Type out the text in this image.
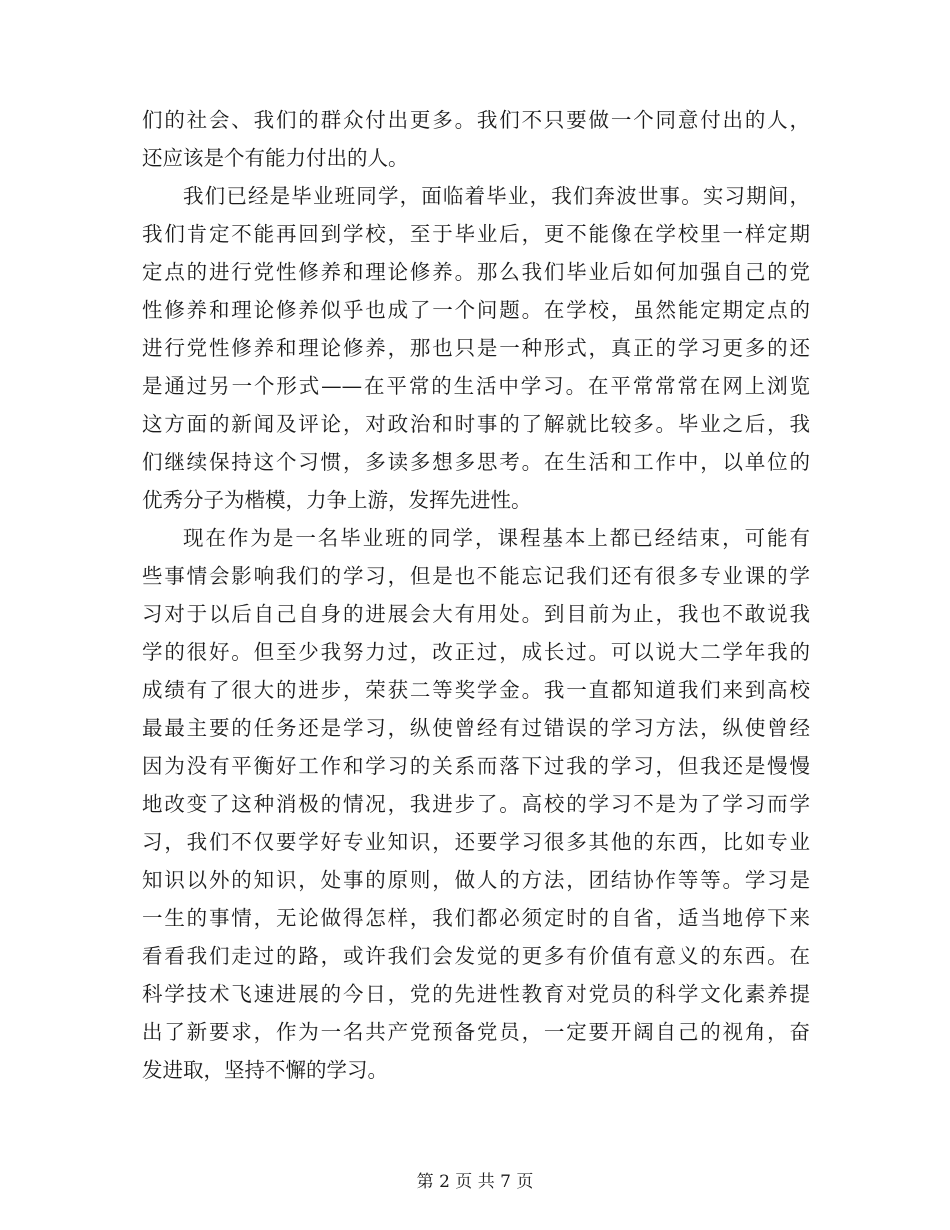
们的社会、我们的群众付出更多。我们不只要做一个同意付出的人，
还应该是个有能力付出的人。
我们已经是毕业班同学，面临着毕业，我们奔波世事。实习期间，
我们肯定不能再回到学校，至于毕业后，更不能像在学校里一样定期
定点的进行党性修养和理论修养。那么我们毕业后如何加强自己的党
性修养和理论修养似乎也成了一个问题。在学校，虽然能定期定点的
进行党性修养和理论修养，那也只是一种形式，真正的学习更多的还
是通过另一个形式——在平常的生活中学习。在平常常常在网上浏览
这方面的新闻及评论，对政治和时事的了解就比较多。毕业之后，我
们继续保持这个习惯，多读多想多思考。在生活和工作中，以单位的
优秀分子为楷模，力争上游，发挥先进性。
现在作为是一名毕业班的同学，课程基本上都已经结束，可能有
些事情会影响我们的学习，但是也不能忘记我们还有很多专业课的学
习对于以后自己自身的进展会大有用处。到目前为止，我也不敢说我
学的很好。但至少我努力过，改正过，成长过。可以说大二学年我的
成绩有了很大的进步，荣获二等奖学金。我一直都知道我们来到高校
最最主要的任务还是学习，纵使曾经有过错误的学习方法，纵使曾经
因为没有平衡好工作和学习的关系而落下过我的学习，但我还是慢慢
地改变了这种消极的情况，我进步了。高校的学习不是为了学习而学
习，我们不仅要学好专业知识，还要学习很多其他的东西，比如专业
知识以外的知识，处事的原则，做人的方法，团结协作等等。学习是
一生的事情，无论做得怎样，我们都必须定时的自省，适当地停下来
看看我们走过的路，或许我们会发觉的更多有价值有意义的东西。在
科学技术飞速进展的今日，党的先进性教育对党员的科学文化素养提
出了新要求，作为一名共产党预备党员，一定要开阔自己的视角，奋
发进取，坚持不懈的学习。
第 2 页 共 7 页
